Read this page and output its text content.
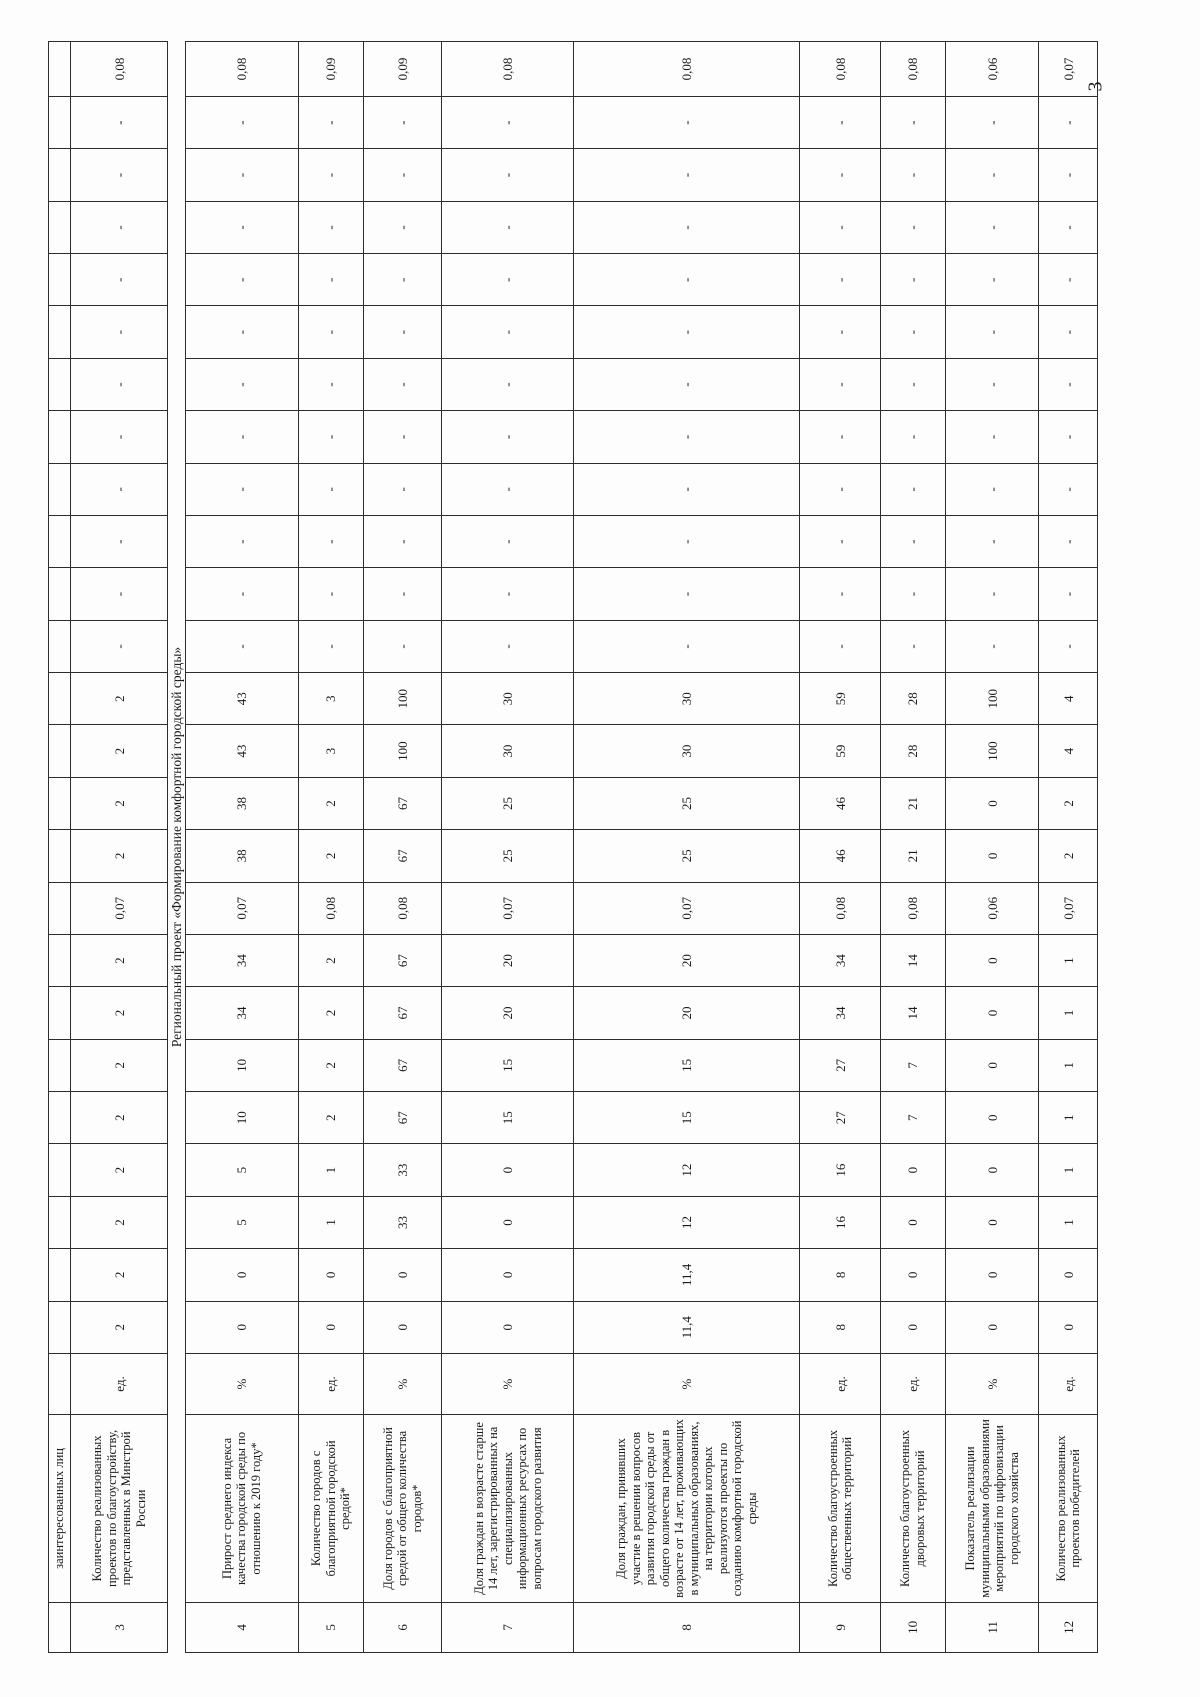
	заинтересованных лиц																										
3	Количество реализованных проектов по благоустройству, представленных в Минстрой России	ед.	2	2	2	2	2	2	2	2	0,07	2	2	2	2	-	-	-	-	-	-	-	-	-	-	-	0,08
Региональный проект «Формирование комфортной городской среды»																											
4	Прирост среднего индекса качества городской среды по отношению к 2019 году*	%	0	0	5	5	10	10	34	34	0,07	38	38	43	43	-	-	-	-	-	-	-	-	-	-	-	0,08
5	Количество городов с благоприятной городской средой*	ед.	0	0	1	1	2	2	2	2	0,08	2	2	3	3	-	-	-	-	-	-	-	-	-	-	-	0,09
6	Доля городов с благоприятной средой от общего количества городов*	%	0	0	33	33	67	67	67	67	0,08	67	67	100	100	-	-	-	-	-	-	-	-	-	-	-	0,09
7	Доля граждан в возрасте старше 14 лет, зарегистрированных на специализированных информационных ресурсах по вопросам городского развития	%	0	0	0	0	15	15	20	20	0,07	25	25	30	30	-	-	-	-	-	-	-	-	-	-	-	0,08
8	Доля граждан, принявших участие в решении вопросов развития городской среды от общего количества граждан в возрасте от 14 лет, проживающих в муниципальных образованиях, на территории которых реализуются проекты по созданию комфортной городской среды	%	11,4	11,4	12	12	15	15	20	20	0,07	25	25	30	30	-	-	-	-	-	-	-	-	-	-	-	0,08
9	Количество благоустроенных общественных территорий	ед.	8	8	16	16	27	27	34	34	0,08	46	46	59	59	-	-	-	-	-	-	-	-	-	-	-	0,08
10	Количество благоустроенных дворовых территорий	ед.	0	0	0	0	7	7	14	14	0,08	21	21	28	28	-	-	-	-	-	-	-	-	-	-	-	0,08
11	Показатель реализации муниципальными образованиями мероприятий по цифровизации городского хозяйства	%	0	0	0	0	0	0	0	0	0,06	0	0	100	100	-	-	-	-	-	-	-	-	-	-	-	0,06
12	Количество реализованных проектов победителей	ед.	0	0	1	1	1	1	1	1	0,07	2	2	4	4	-	-	-	-	-	-	-	-	-	-	-	0,07
3
